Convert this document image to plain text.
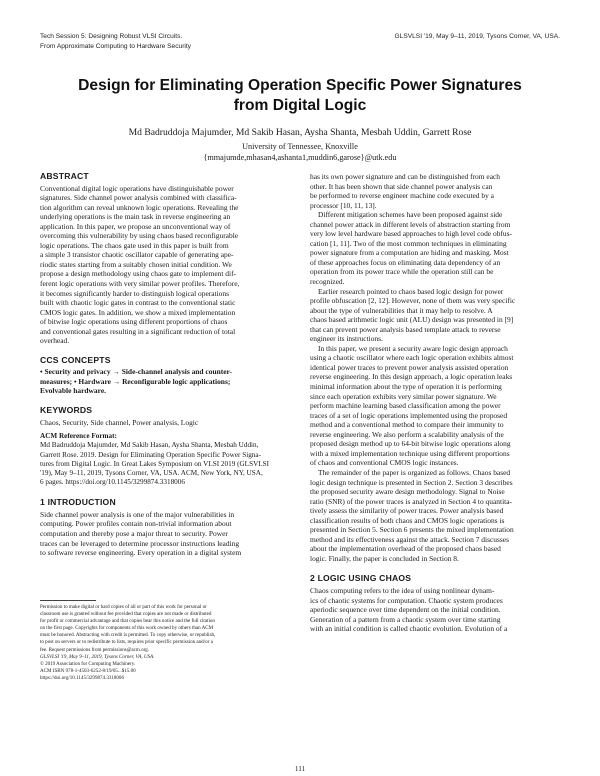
Tech Session 5: Designing Robust VLSI Circuits.
From Approximate Computing to Hardware Security
GLSVLSI '19, May 9–11, 2019, Tysons Corner, VA, USA.
Design for Eliminating Operation Specific Power Signatures
from Digital Logic
Md Badruddoja Majumder, Md Sakib Hasan, Aysha Shanta, Mesbah Uddin, Garrett Rose
University of Tennessee, Knoxville
{mmajumde,mhasan4,ashanta1,muddin6,garose}@utk.edu
ABSTRACT
Conventional digital logic operations have distinguishable power
signatures. Side channel power analysis combined with classifica-
tion algorithm can reveal unknown logic operations. Revealing the
underlying operations is the main task in reverse engineering an
application. In this paper, we propose an unconventional way of
overcoming this vulnerability by using chaos based reconfigurable
logic operations. The chaos gate used in this paper is built from
a simple 3 transistor chaotic oscillator capable of generating ape-
riodic states starting from a suitably chosen initial condition. We
propose a design methodology using chaos gate to implement dif-
ferent logic operations with very similar power profiles. Therefore,
it becomes significantly harder to distinguish logical operations
built with chaotic logic gates in contrast to the conventional static
CMOS logic gates. In addition, we show a mixed implementation
of bitwise logic operations using different proportions of chaos
and conventional gates resulting in a significant reduction of total
overhead.
CCS CONCEPTS
• Security and privacy → Side-channel analysis and counter-
measures; • Hardware → Reconfigurable logic applications;
Evolvable hardware.
KEYWORDS
Chaos, Security, Side channel, Power analysis, Logic
ACM Reference Format:
Md Badruddoja Majumder, Md Sakib Hasan, Aysha Shanta, Mesbah Uddin,
Garrett Rose. 2019. Design for Eliminating Operation Specific Power Signa-
tures from Digital Logic. In Great Lakes Symposium on VLSI 2019 (GLSVLSI
'19), May 9–11, 2019, Tysons Corner, VA, USA. ACM, New York, NY, USA,
6 pages. https://doi.org/10.1145/3299874.3318006
1 INTRODUCTION
Side channel power analysis is one of the major vulnerabilities in
computing. Power profiles contain non-trivial information about
computation and thereby pose a major threat to security. Power
traces can be leveraged to determine processor instructions leading
to software reverse engineering. Every operation in a digital system
Permission to make digital or hard copies of all or part of this work for personal or
classroom use is granted without fee provided that copies are not made or distributed
for profit or commercial advantage and that copies bear this notice and the full citation
on the first page. Copyrights for components of this work owned by others than ACM
must be honored. Abstracting with credit is permitted. To copy otherwise, or republish,
to post on servers or to redistribute to lists, requires prior specific permission and/or a
fee. Request permissions from permissions@acm.org.
GLSVLSI '19, May 9–11, 2019, Tysons Corner, VA, USA.
© 2019 Association for Computing Machinery.
ACM ISBN 978-1-4503-6252-8/19/05...$15.00
https://doi.org/10.1145/3299874.3318006
has its own power signature and can be distinguished from each
other. It has been shown that side channel power analysis can
be performed to reverse engineer machine code executed by a
processor [10, 11, 13].
Different mitigation schemes have been proposed against side
channel power attack in different levels of abstraction starting from
very low level hardware based approaches to high level code obfus-
cation [1, 11]. Two of the most common techniques in eliminating
power signature from a computation are hiding and masking. Most
of these approaches focus on eliminating data dependency of an
operation from its power trace while the operation still can be
recognized.
Earlier research pointed to chaos based logic design for power
profile obfuscation [2, 12]. However, none of them was very specific
about the type of vulnerabilities that it may help to resolve. A
chaos based arithmetic logic unit (ALU) design was presented in [9]
that can prevent power analysis based template attack to reverse
engineer its instructions.
In this paper, we present a security aware logic design approach
using a chaotic oscillator where each logic operation exhibits almost
identical power traces to prevent power analysis assisted operation
reverse engineering. In this design approach, a logic operation leaks
minimal information about the type of operation it is performing
since each operation exhibits very similar power signature. We
perform machine learning based classification among the power
traces of a set of logic operations implemented using the proposed
method and a conventional method to compare their immunity to
reverse engineering. We also perform a scalability analysis of the
proposed design method up to 64-bit bitwise logic operations along
with a mixed implementation technique using different proportions
of chaos and conventional CMOS logic instances.
The remainder of the paper is organized as follows. Chaos based
logic design technique is presented in Section 2. Section 3 describes
the proposed security aware design methodology. Signal to Noise
ratio (SNR) of the power traces is analyzed in Section 4 to quantita-
tively assess the similarity of power traces. Power analysis based
classification results of both chaos and CMOS logic operations is
presented in Section 5. Section 6 presents the mixed implementation
method and its effectiveness against the attack. Section 7 discusses
about the implementation overhead of the proposed chaos based
logic. Finally, the paper is concluded in Section 8.
2 LOGIC USING CHAOS
Chaos computing refers to the idea of using nonlinear dynam-
ics of chaotic systems for computation. Chaotic system produces
aperiodic sequence over time dependent on the initial condition.
Generation of a pattern from a chaotic system over time starting
with an initial condition is called chaotic evolution. Evolution of a
111
